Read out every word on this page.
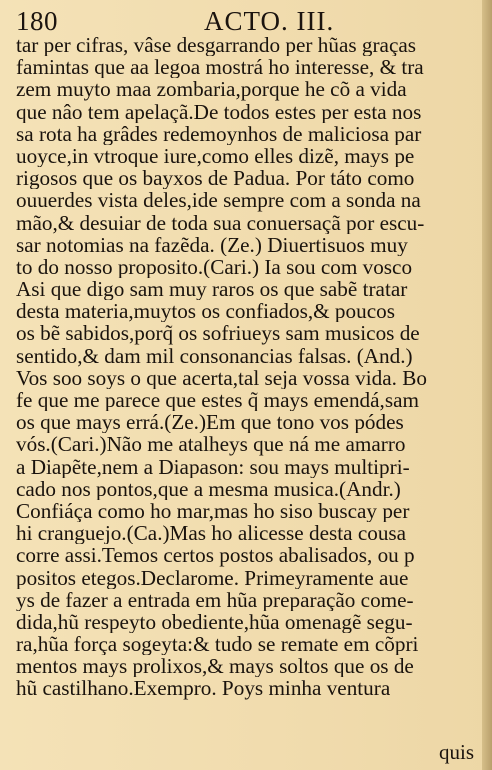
180	ACTO. III.
tar per cifras, vâse desgarrando per hũas graças
famintas que aa legoa mostrá ho interesse, & tra
zem muyto maa zombaria,porque he cõ a vida
que nâo tem apelaçã.De todos estes per esta nos
sa rota ha grâdes redemoynhos de maliciosa par
uoyce,in vtroque iure,como elles dizẽ, mays pe
rigosos que os bayxos de Padua. Por táto como
ouuerdes vista deles,ide sempre com a sonda na
mão,& desuiar de toda sua conuersaçã por escu-
sar notomias na fazẽda. (Ze.) Diuertisuos muy
to do nosso proposito.(Cari.) Ia sou com vosco
Asi que digo sam muy raros os que sabẽ tratar
desta materia,muytos os confiados,& poucos
os bẽ sabidos,porq̃ os sofriueys sam musicos de
sentido,& dam mil consonancias falsas. (And.)
Vos soo soys o que acerta,tal seja vossa vida. Bo
fe que me parece que estes q̃ mays emendá,sam
os que mays errá.(Ze.)Em que tono vos pódes
vós.(Cari.)Não me atalheys que ná me amarro
a Diapẽte,nem a Diapason: sou mays multipri-
cado nos pontos,que a mesma musica.(Andr.)
Confiáça como ho mar,mas ho siso buscay per
hi cranguejo.(Ca.)Mas ho alicesse desta cousa
corre assi.Temos certos postos abalisados, ou p
positos etegos.Declarome. Primeyramente aue
ys de fazer a entrada em hũa preparação come-
dida,hũ respeyto obediente,hũa omenagẽ segu-
ra,hũa força sogeyta:& tudo se remate em cõpri
mentos mays prolixos,& mays soltos que os de
hũ castilhano.Exempro. Poys minha ventura
quis
